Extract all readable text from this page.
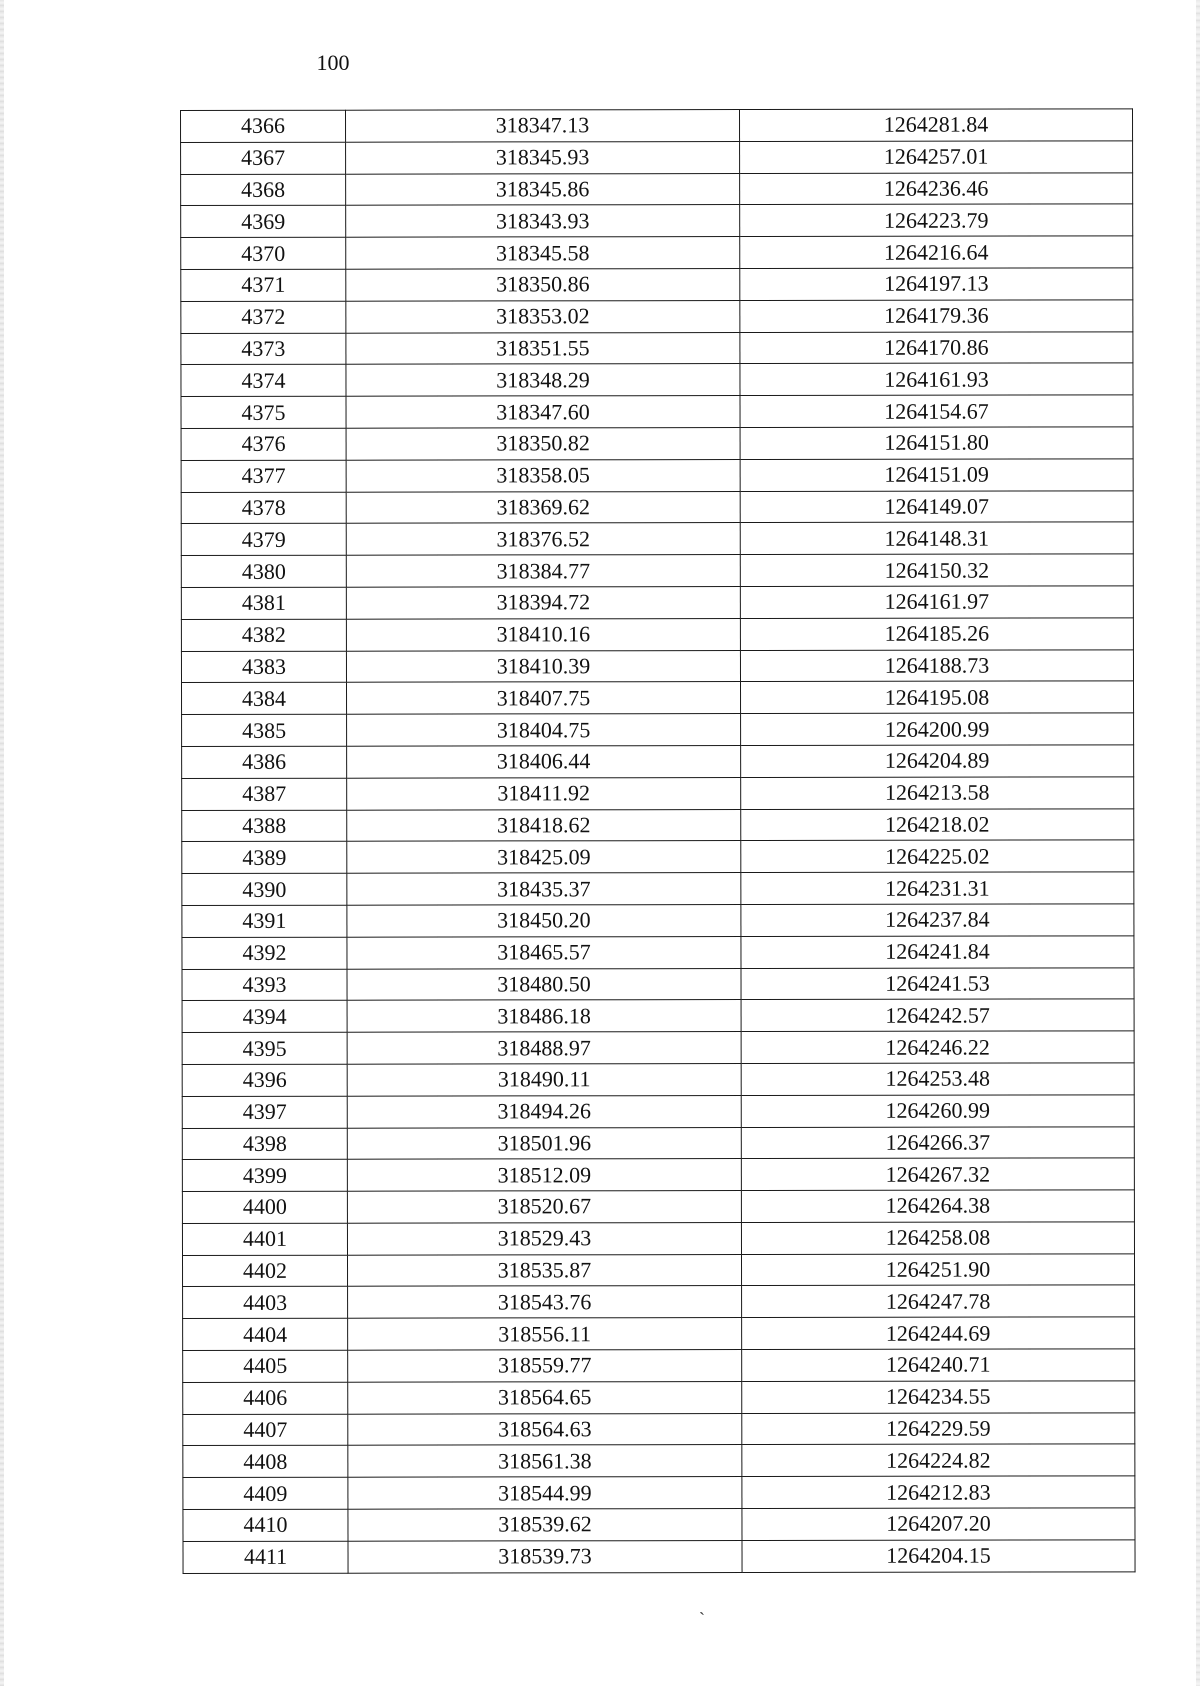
100
4366	318347.13	1264281.84
4367	318345.93	1264257.01
4368	318345.86	1264236.46
4369	318343.93	1264223.79
4370	318345.58	1264216.64
4371	318350.86	1264197.13
4372	318353.02	1264179.36
4373	318351.55	1264170.86
4374	318348.29	1264161.93
4375	318347.60	1264154.67
4376	318350.82	1264151.80
4377	318358.05	1264151.09
4378	318369.62	1264149.07
4379	318376.52	1264148.31
4380	318384.77	1264150.32
4381	318394.72	1264161.97
4382	318410.16	1264185.26
4383	318410.39	1264188.73
4384	318407.75	1264195.08
4385	318404.75	1264200.99
4386	318406.44	1264204.89
4387	318411.92	1264213.58
4388	318418.62	1264218.02
4389	318425.09	1264225.02
4390	318435.37	1264231.31
4391	318450.20	1264237.84
4392	318465.57	1264241.84
4393	318480.50	1264241.53
4394	318486.18	1264242.57
4395	318488.97	1264246.22
4396	318490.11	1264253.48
4397	318494.26	1264260.99
4398	318501.96	1264266.37
4399	318512.09	1264267.32
4400	318520.67	1264264.38
4401	318529.43	1264258.08
4402	318535.87	1264251.90
4403	318543.76	1264247.78
4404	318556.11	1264244.69
4405	318559.77	1264240.71
4406	318564.65	1264234.55
4407	318564.63	1264229.59
4408	318561.38	1264224.82
4409	318544.99	1264212.83
4410	318539.62	1264207.20
4411	318539.73	1264204.15
`
